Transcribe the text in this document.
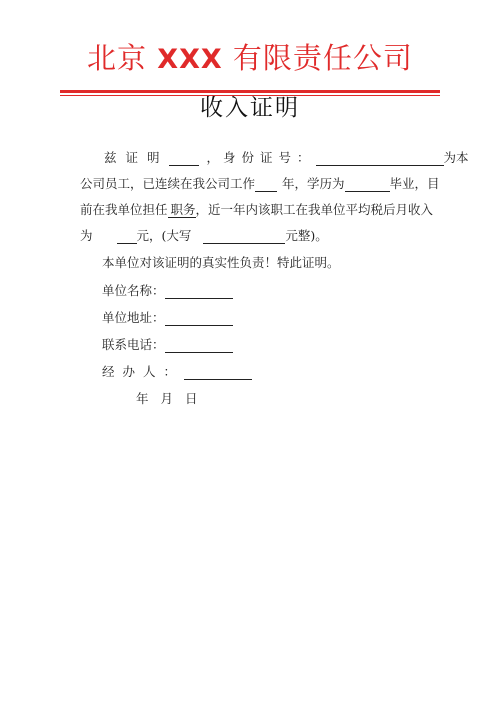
北京 XXX 有限责任公司
收入证明
兹证明	， 身份证号：	为本
公司员工，已连续在我公司工作 年，学历为	毕业，目
前在我单位担任 职务，近一年内该职工在我单位平均税后月收入
为	元，(大写	元整)。
本单位对该证明的真实性负责！特此证明。
单位名称：
单位地址：
联系电话：
经办人：
年 月 日
